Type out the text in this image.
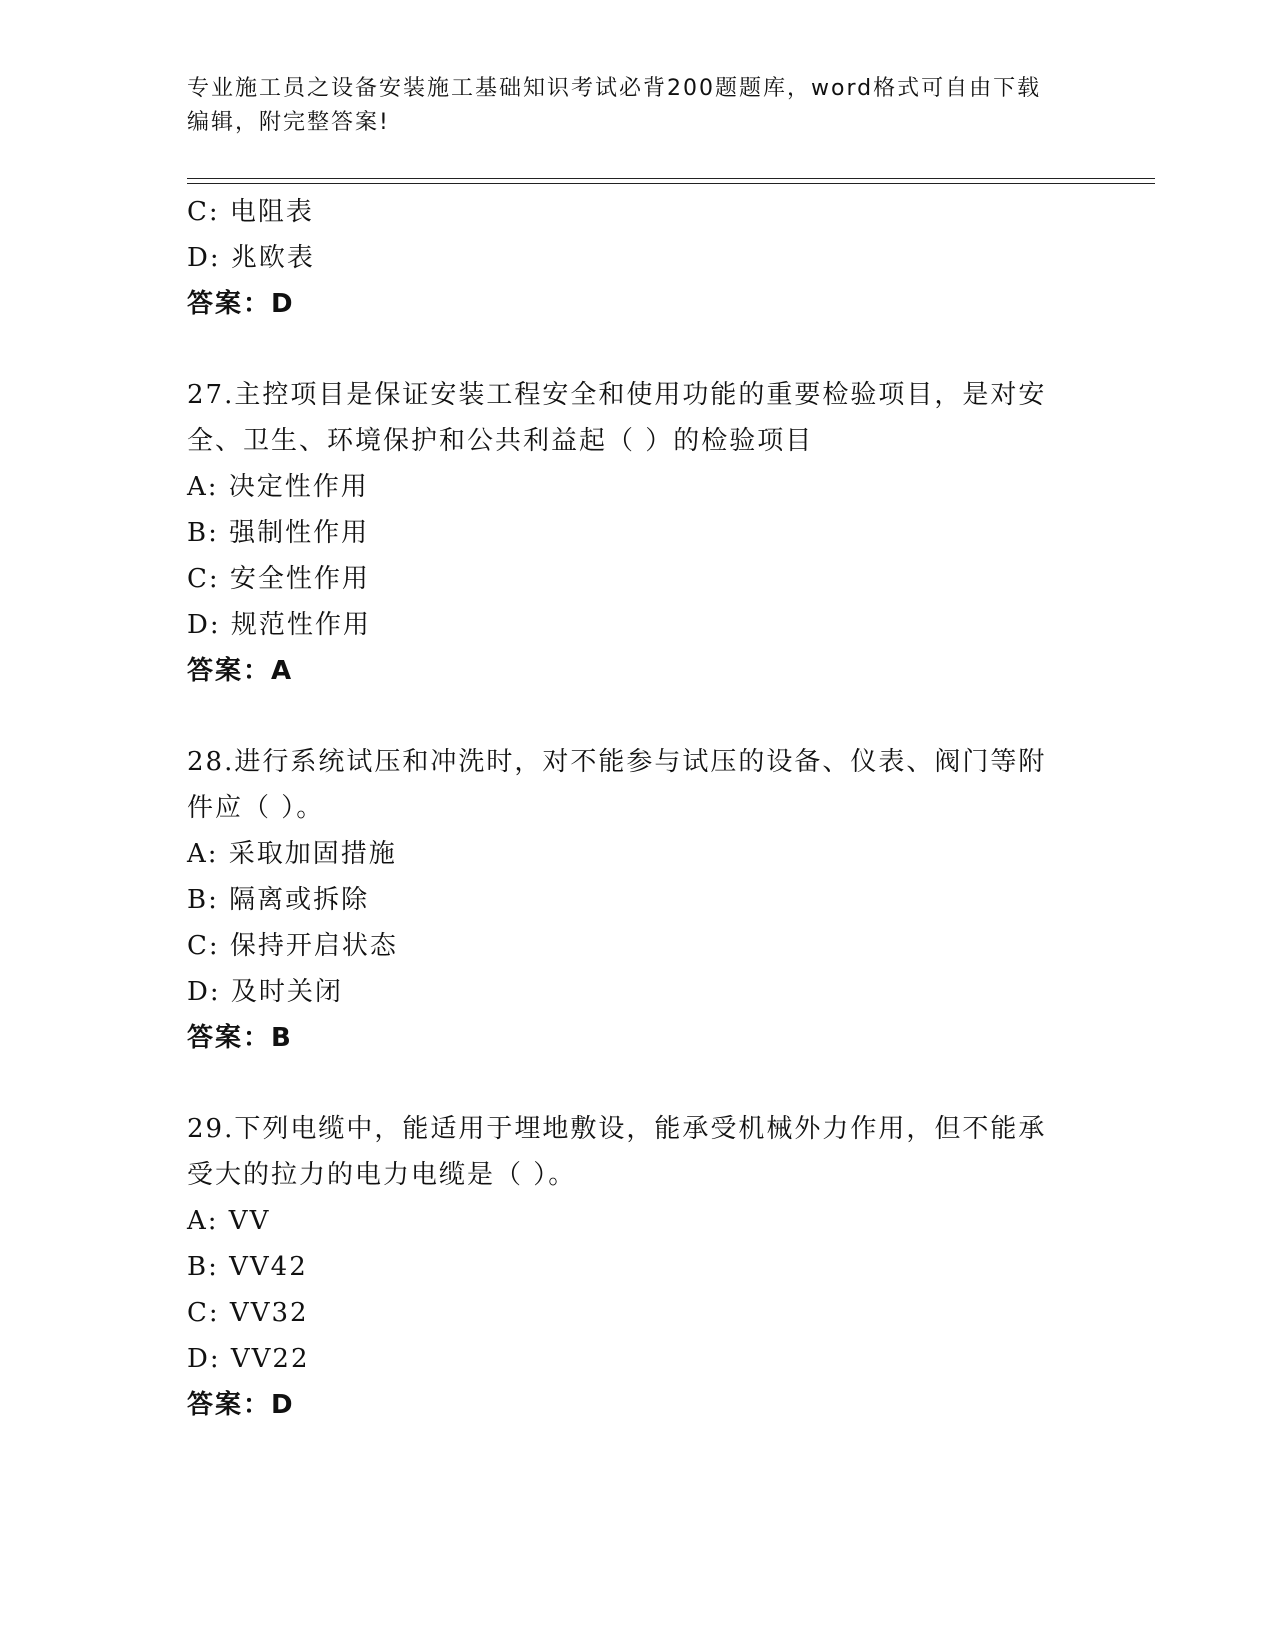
专业施工员之设备安装施工基础知识考试必背200题题库，word格式可自由下载
编辑，附完整答案!
C: 电阻表
D: 兆欧表
答案：D
27.主控项目是保证安装工程安全和使用功能的重要检验项目，是对安
全、卫生、环境保护和公共利益起（ ）的检验项目
A: 决定性作用
B: 强制性作用
C: 安全性作用
D: 规范性作用
答案：A
28.进行系统试压和冲洗时，对不能参与试压的设备、仪表、阀门等附
件应（ ）。
A: 采取加固措施
B: 隔离或拆除
C: 保持开启状态
D: 及时关闭
答案：B
29.下列电缆中，能适用于埋地敷设，能承受机械外力作用，但不能承
受大的拉力的电力电缆是（ ）。
A: VV
B: VV42
C: VV32
D: VV22
答案：D
